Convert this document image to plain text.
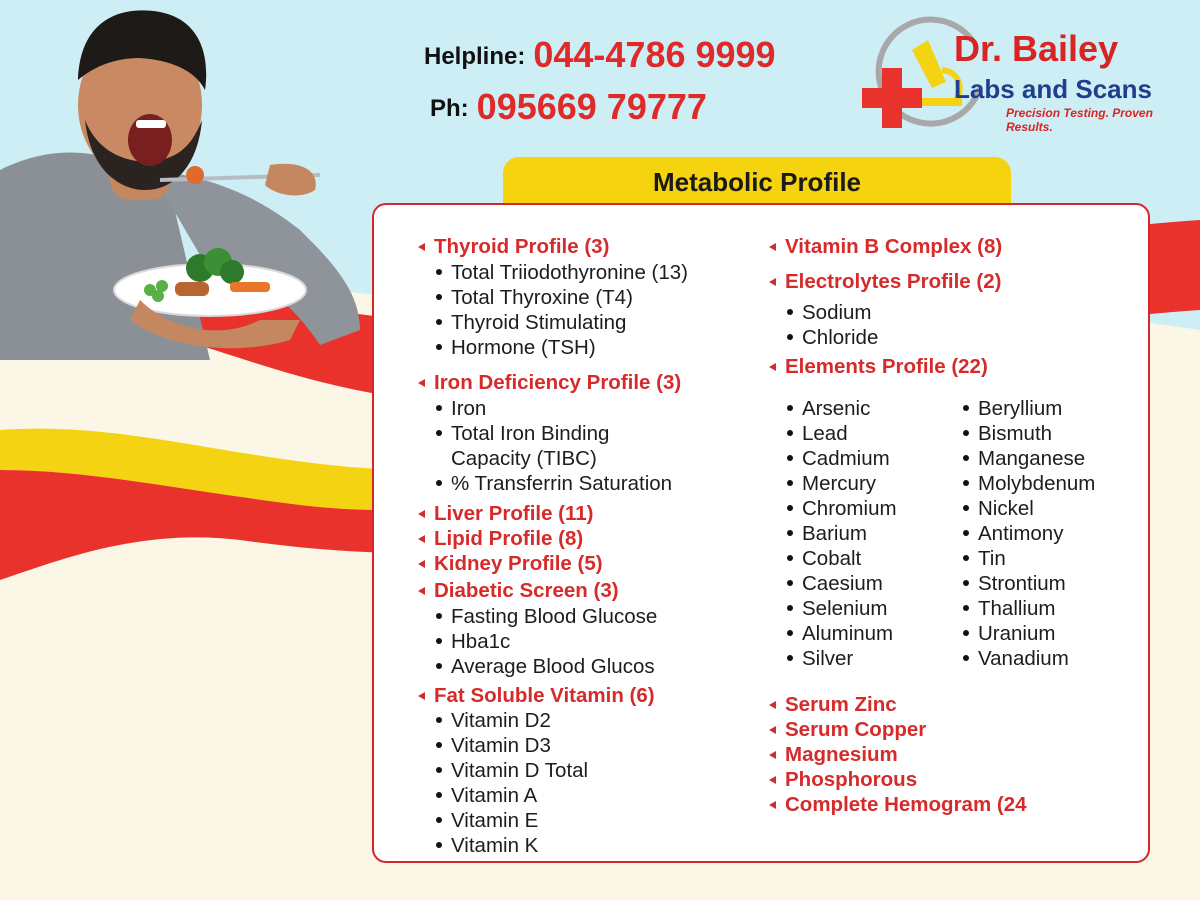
Helpline: 044-4786 9999
Ph: 095669 79777
Dr. Bailey
Labs and Scans
Precision Testing. Proven Results.
Metabolic Profile
Thyroid Profile (3)
Total Triiodothyronine (13)
Total Thyroxine (T4)
Thyroid Stimulating
Hormone (TSH)
Iron Deficiency Profile (3)
Iron
Total Iron Binding
Capacity (TIBC)
% Transferrin Saturation
Liver Profile (11)
Lipid Profile (8)
Kidney Profile (5)
Diabetic Screen (3)
Fasting Blood Glucose
Hba1c
Average Blood Glucos
Fat Soluble Vitamin (6)
Vitamin D2
Vitamin D3
Vitamin D Total
Vitamin A
Vitamin E
Vitamin K
Vitamin B Complex (8)
Electrolytes Profile (2)
Sodium
Chloride
Elements Profile (22)
Arsenic
Lead
Cadmium
Mercury
Chromium
Barium
Cobalt
Caesium
Selenium
Aluminum
Silver
Beryllium
Bismuth
Manganese
Molybdenum
Nickel
Antimony
Tin
Strontium
Thallium
Uranium
Vanadium
Serum Zinc
Serum Copper
Magnesium
Phosphorous
Complete Hemogram (24
